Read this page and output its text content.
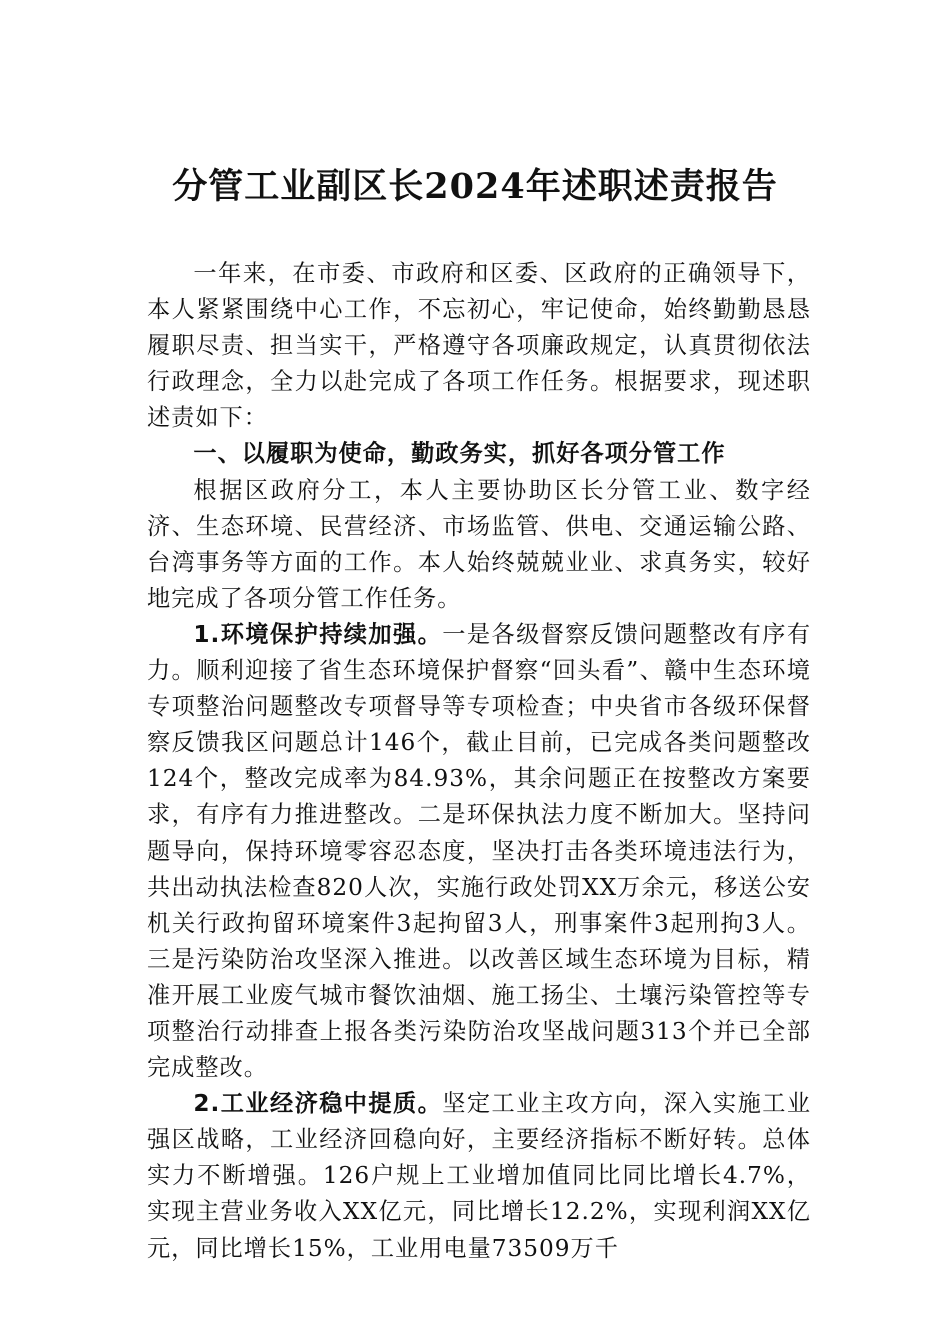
分管工业副区长2024年述职述责报告

一年来，在市委、市政府和区委、区政府的正确领导下，本人紧紧围绕中心工作，不忘初心，牢记使命，始终勤勤恳恳履职尽责、担当实干，严格遵守各项廉政规定，认真贯彻依法行政理念，全力以赴完成了各项工作任务。根据要求，现述职述责如下：

一、以履职为使命，勤政务实，抓好各项分管工作

根据区政府分工，本人主要协助区长分管工业、数字经济、生态环境、民营经济、市场监管、供电、交通运输公路、台湾事务等方面的工作。本人始终兢兢业业、求真务实，较好地完成了各项分管工作任务。

1.环境保护持续加强。一是各级督察反馈问题整改有序有力。顺利迎接了省生态环境保护督察“回头看”、赣中生态环境专项整治问题整改专项督导等专项检查；中央省市各级环保督察反馈我区问题总计146个，截止目前，已完成各类问题整改124个，整改完成率为84.93%，其余问题正在按整改方案要求，有序有力推进整改。二是环保执法力度不断加大。坚持问题导向，保持环境零容忍态度，坚决打击各类环境违法行为，共出动执法检查820人次，实施行政处罚XX万余元，移送公安机关行政拘留环境案件3起拘留3人，刑事案件3起刑拘3人。三是污染防治攻坚深入推进。以改善区域生态环境为目标，精准开展工业废气城市餐饮油烟、施工扬尘、土壤污染管控等专项整治行动排查上报各类污染防治攻坚战问题313个并已全部完成整改。

2.工业经济稳中提质。坚定工业主攻方向，深入实施工业强区战略，工业经济回稳向好，主要经济指标不断好转。总体实力不断增强。126户规上工业增加值同比同比增长4.7%，实现主营业务收入XX亿元，同比增长12.2%，实现利润XX亿元，同比增长15%，工业用电量73509万千
